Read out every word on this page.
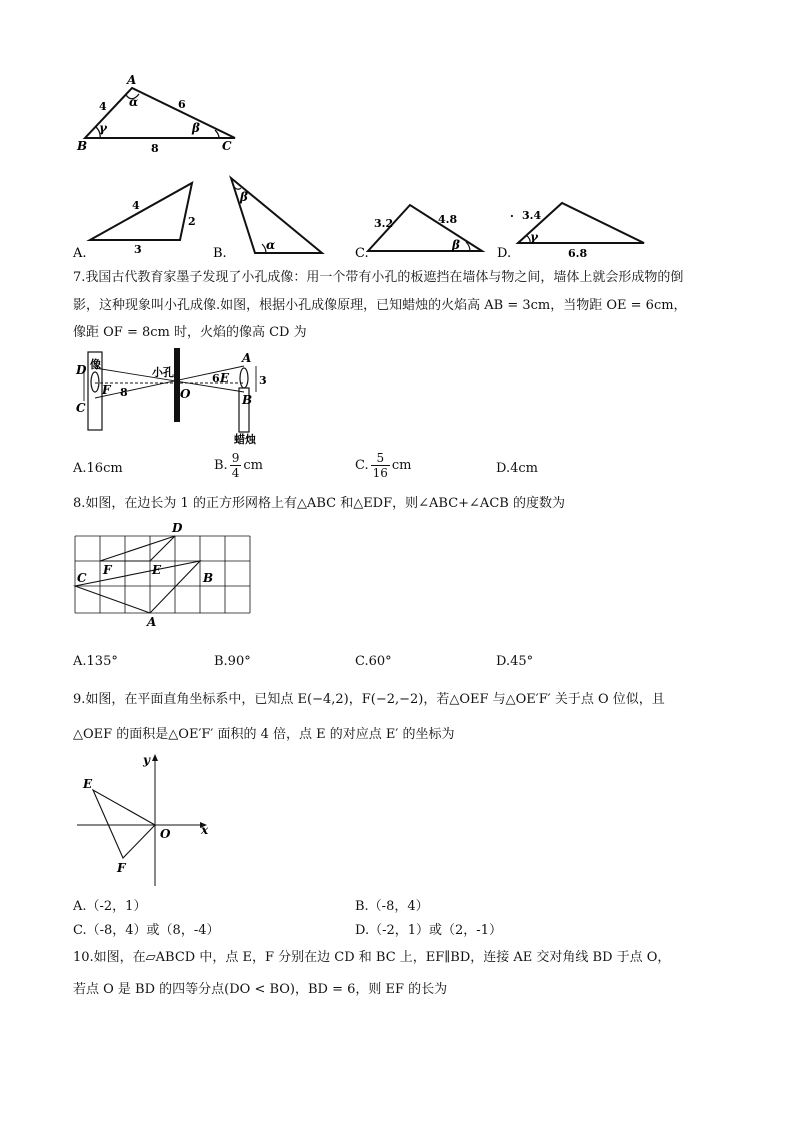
A
B	C
α
γ	β
4	6
8
A.
4
2
3	B.
β
α
C.
3.2	4.8
β
D.
. 3.4
γ
6.8
7.我国古代教育家墨子发现了小孔成像：用一个带有小孔的板遮挡在墙体与物之间，墙体上就会形成物的倒
影，这种现象叫小孔成像.如图，根据小孔成像原理，已知蜡烛的火焰高 AB = 3cm，当物距 OE = 6cm，
像距 OF = 8cm 时，火焰的像高 CD 为
D
C
像
F 8
小孔
O
E
6
A
B
3
蜡烛
A.16cm	B. $\frac{9}{4}$ cm	C. $\frac{5}{16}$ cm	D.4cm
8.如图，在边长为 1 的正方形网格上有△ABC 和△EDF，则∠ABC+∠ACB 的度数为
D
F	E
C	B
A
A.135°	B.90°	C.60°	D.45°
9.如图，在平面直角坐标系中，已知点 E(−4,2)，F(−2,−2)，若△OEF 与△OE′F′ 关于点 O 位似，且
△OEF 的面积是△OE′F′ 面积的 4 倍，点 E 的对应点 E′ 的坐标为
y
x
E
F
O
A.（-2，1）	B.（-8，4）
C.（-8，4）或（8，-4）	D.（-2，1）或（2，-1）
10.如图，在▱ABCD 中，点 E，F 分别在边 CD 和 BC 上，EF∥BD，连接 AE 交对角线 BD 于点 O，
若点 O 是 BD 的四等分点(DO < BO)，BD = 6，则 EF 的长为
